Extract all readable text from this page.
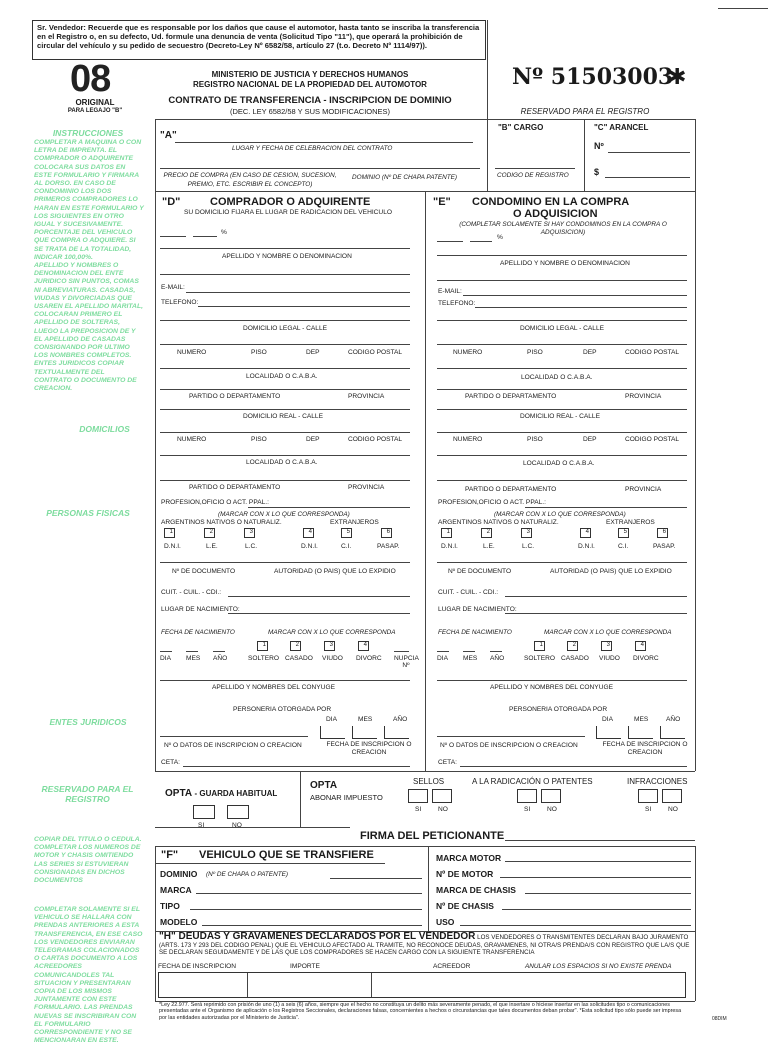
Sr. Vendedor: Recuerde que es responsable por los daños que cause el automotor, hasta tanto se inscriba la transferencia en el Registro o, en su defecto, Ud. formule una denuncia de venta (Solicitud Tipo "11"), que operará la prohibición de circular del vehículo y su pedido de secuestro (Decreto-Ley Nº 6582/58, artículo 27 (t.o. Decreto Nº 1114/97)).
08
ORIGINAL
PARA LEGAJO "B"
MINISTERIO DE JUSTICIA Y DERECHOS HUMANOS
REGISTRO NACIONAL DE LA PROPIEDAD DEL AUTOMOTOR
CONTRATO DE TRANSFERENCIA - INSCRIPCION DE DOMINIO
(DEC. LEY 6582/58 Y SUS MODIFICACIONES)
Nº 51503003
✱
RESERVADO PARA EL REGISTRO
INSTRUCCIONES
COMPLETAR A MAQUINA O CON LETRA DE IMPRENTA. EL COMPRADOR O ADQUIRENTE COLOCARA SUS DATOS EN ESTE FORMULARIO Y FIRMARA AL DORSO. EN CASO DE CONDOMINIO LOS DOS PRIMEROS COMPRADORES LO HARAN EN ESTE FORMULARIO Y LOS SIGUIENTES EN OTRO IGUAL Y SUCESIVAMENTE. PORCENTAJE DEL VEHICULO QUE COMPRA O ADQUIERE. SI SE TRATA DE LA TOTALIDAD, INDICAR 100,00%.
APELLIDO Y NOMBRES O DENOMINACION DEL ENTE JURIDICO SIN PUNTOS, COMAS NI ABREVIATURAS. CASADAS, VIUDAS Y DIVORCIADAS QUE USAREN EL APELLIDO MARITAL, COLOCARAN PRIMERO EL APELLIDO DE SOLTERAS, LUEGO LA PREPOSICION DE Y EL APELLIDO DE CASADAS CONSIGNANDO POR ULTIMO LOS NOMBRES COMPLETOS. ENTES JURIDICOS COPIAR TEXTUALMENTE DEL CONTRATO O DOCUMENTO DE CREACION.
DOMICILIOS
PERSONAS FISICAS
ENTES JURIDICOS
RESERVADO PARA EL REGISTRO
COPIAR DEL TITULO O CEDULA. COMPLETAR LOS NUMEROS DE MOTOR Y CHASIS OMITIENDO LAS SERIES SI ESTUVIERAN CONSIGNADAS EN DICHOS DOCUMENTOS
COMPLETAR SOLAMENTE SI EL VEHICULO SE HALLARA CON PRENDAS ANTERIORES A ESTA TRANSFERENCIA, EN ESE CASO LOS VENDEDORES ENVIARAN TELEGRAMAS COLACIONADOS O CARTAS DOCUMENTO A LOS ACREEDORES COMUNICANDOLES TAL SITUACION Y PRESENTARAN COPIA DE LOS MISMOS JUNTAMENTE CON ESTE FORMULARIO. LAS PRENDAS NUEVAS SE INSCRIBIRAN CON EL FORMULARIO CORRESPONDIENTE Y NO SE MENCIONARAN EN ESTE.
"A"
LUGAR Y FECHA DE CELEBRACION DEL CONTRATO
PRECIO DE COMPRA (EN CASO DE CESION, SUCESION, PREMIO, ETC. ESCRIBIR EL CONCEPTO)
DOMINIO (Nº DE CHAPA PATENTE)
"B" CARGO
CODIGO DE REGISTRO
"C" ARANCEL
Nº
$
"D"	COMPRADOR O ADQUIRENTE
SU DOMICILIO FIJARA EL LUGAR DE RADICACION DEL VEHICULO
"E" CONDOMINO EN LA COMPRA
O ADQUISICION
(COMPLETAR SOLAMENTE SI HAY CONDOMINOS EN LA COMPRA O ADQUISICION)
%
APELLIDO Y NOMBRE O DENOMINACION
E-MAIL:
TELEFONO:
DOMICILIO LEGAL - CALLE
NUMERO	PISO	DEP	CODIGO POSTAL
LOCALIDAD O C.A.B.A.
PARTIDO O DEPARTAMENTO	PROVINCIA
DOMICILIO REAL - CALLE
NUMERO	PISO	DEP	CODIGO POSTAL
LOCALIDAD O C.A.B.A.
PARTIDO O DEPARTAMENTO	PROVINCIA
PROFESION,OFICIO O ACT. PPAL.:
(MARCAR CON X LO QUE CORRESPONDA)
ARGENTINOS NATIVOS O NATURALIZ.	EXTRANJEROS
1	2	3	4	5	6
D.N.I.	L.E.	L.C.	D.N.I.	C.I.	PASAP.
Nº DE DOCUMENTO	AUTORIDAD (O PAIS) QUE LO EXPIDIO
CUIT. - CUIL. - CDI.:
LUGAR DE NACIMIENTO:
FECHA DE NACIMIENTO	MARCAR CON X LO QUE CORRESPONDA
1	2	3	4
DIA MES AÑO	SOLTERO CASADO VIUDO DIVORC NUPCIA Nº
APELLIDO Y NOMBRES DEL CONYUGE
PERSONERIA OTORGADA POR
DIA	MES	AÑO
Nº O DATOS DE INSCRIPCION O CREACION	FECHA DE INSCRIPCION O CREACION
CETA:
%
APELLIDO Y NOMBRE O DENOMINACION
E-MAIL:
TELEFONO:
DOMICILIO LEGAL - CALLE
NUMERO	PISO	DEP	CODIGO POSTAL
LOCALIDAD O C.A.B.A.
PARTIDO O DEPARTAMENTO	PROVINCIA
DOMICILIO REAL - CALLE
NUMERO	PISO	DEP	CODIGO POSTAL
LOCALIDAD O C.A.B.A.
PARTIDO O DEPARTAMENTO	PROVINCIA
PROFESION,OFICIO O ACT. PPAL.:
(MARCAR CON X LO QUE CORRESPONDA)
ARGENTINOS NATIVOS O NATURALIZ.	EXTRANJEROS
1	2	3	4	5	6
D.N.I.	L.E.	L.C.	D.N.I.	C.I.	PASAP.
Nº DE DOCUMENTO	AUTORIDAD (O PAIS) QUE LO EXPIDIO
CUIT. - CUIL. - CDI.:
LUGAR DE NACIMIENTO:
FECHA DE NACIMIENTO	MARCAR CON X LO QUE CORRESPONDA
1	2	3	4
DIA MES AÑO	SOLTERO CASADO VIUDO DIVORC
APELLIDO Y NOMBRES DEL CONYUGE
PERSONERIA OTORGADA POR
DIA	MES	AÑO
Nº O DATOS DE INSCRIPCION O CREACION	FECHA DE INSCRIPCION O CREACION
CETA:
OPTA - GUARDA HABITUAL
SI	NO
OPTA
ABONAR IMPUESTO
SELLOS
SI	NO
A LA RADICACIÓN O PATENTES
SI	NO
INFRACCIONES
SI	NO
FIRMA DEL PETICIONANTE
"F" VEHICULO QUE SE TRANSFIERE
DOMINIO (Nº DE CHAPA O PATENTE)
MARCA
TIPO
MODELO
MARCA MOTOR
Nº DE MOTOR
MARCA DE CHASIS
Nº DE CHASIS
USO
"H" DEUDAS Y GRAVAMENES DECLARADOS POR EL VENDEDOR LOS VENDEDORES O TRANSMITENTES DECLARAN BAJO JURAMENTO (ARTS. 173 Y 293 DEL CODIGO PENAL) QUE EL VEHICULO AFECTADO AL TRAMITE, NO RECONOCE DEUDAS, GRAVAMENES, NI OTRA/S PRENDA/S CON REGISTRO QUE LA/S QUE SE DECLARAN SEGUIDAMENTE Y DE LAS QUE LOS COMPRADORES SE HACEN CARGO CON LA SIGUIENTE TRANSFERENCIA
FECHA DE INSCRIPCION	IMPORTE	ACREEDOR	ANULAR LOS ESPACIOS SI NO EXISTE PRENDA
*Ley 22.977. Será reprimido con prisión de uno (1) a seis (6) años, siempre que el hecho no constituya un delito más severamente penado, el que insertare o hiciese insertar en las solicitudes tipo o comunicaciones presentadas ante el Organismo de aplicación o los Registros Seccionales, declaraciones falsas, concernientes a hechos o circunstancias que tales documentos deban probar". *Esta solicitud tipo sólo puede ser impresa por las entidades autorizadas por el Ministerio de Justicia".	08DIM
